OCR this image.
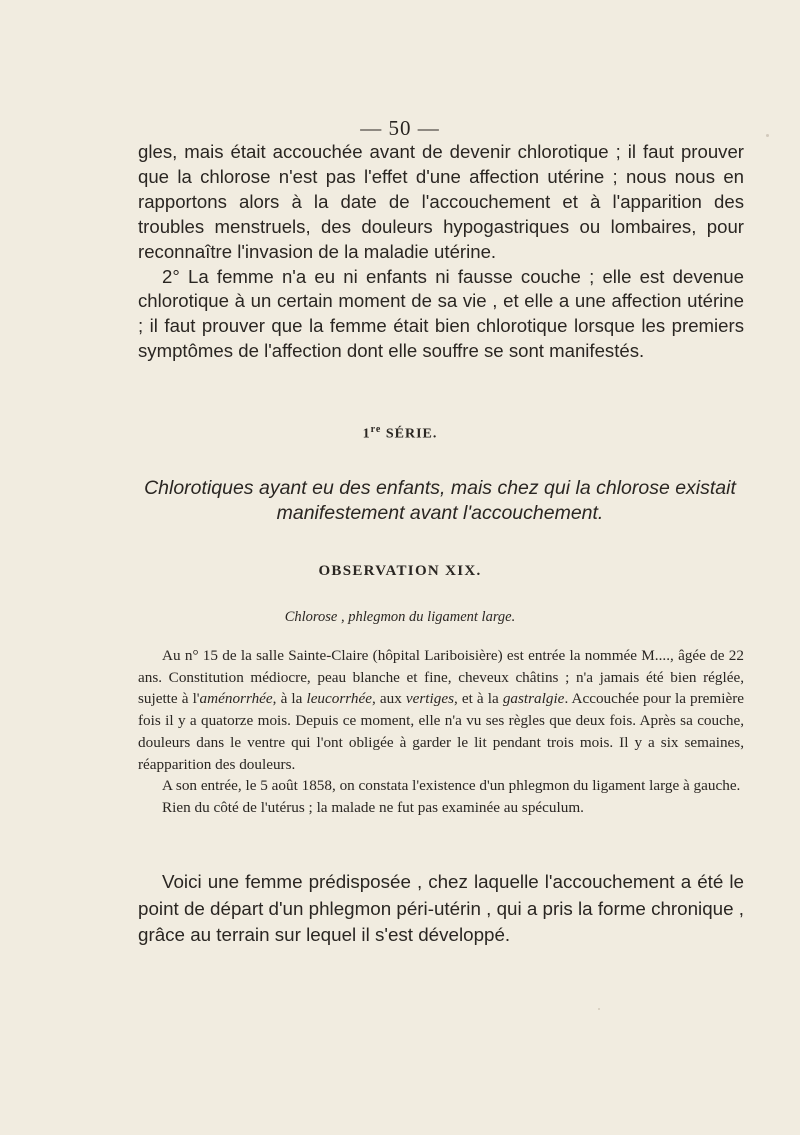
— 50 —

gles, mais était accouchée avant de devenir chlorotique ; il faut prouver que la chlorose n'est pas l'effet d'une affection utérine ; nous nous en rapportons alors à la date de l'accouchement et à l'apparition des troubles menstruels, des douleurs hypogastriques ou lombaires, pour reconnaître l'invasion de la maladie utérine.

2° La femme n'a eu ni enfants ni fausse couche ; elle est devenue chlorotique à un certain moment de sa vie , et elle a une affection utérine ; il faut prouver que la femme était bien chlorotique lorsque les premiers symptômes de l'affection dont elle souffre se sont manifestés.

1re SÉRIE.
Chlorotiques ayant eu des enfants, mais chez qui la chlorose existait manifestement avant l'accouchement.
OBSERVATION XIX.
Chlorose , phlegmon du ligament large.

Au n° 15 de la salle Sainte-Claire (hôpital Lariboisière) est entrée la nommée M...., âgée de 22 ans. Constitution médiocre, peau blanche et fine, cheveux châtins ; n'a jamais été bien réglée, sujette à l'aménorrhée, à la leucorrhée, aux vertiges, et à la gastralgie. Accouchée pour la première fois il y a quatorze mois. Depuis ce moment, elle n'a vu ses règles que deux fois. Après sa couche, douleurs dans le ventre qui l'ont obligée à garder le lit pendant trois mois. Il y a six semaines, réapparition des douleurs.

A son entrée, le 5 août 1858, on constata l'existence d'un phlegmon du ligament large à gauche.

Rien du côté de l'utérus ; la malade ne fut pas examinée au spéculum.

Voici une femme prédisposée , chez laquelle l'accouchement a été le point de départ d'un phlegmon péri-utérin , qui a pris la forme chronique , grâce au terrain sur lequel il s'est développé.
